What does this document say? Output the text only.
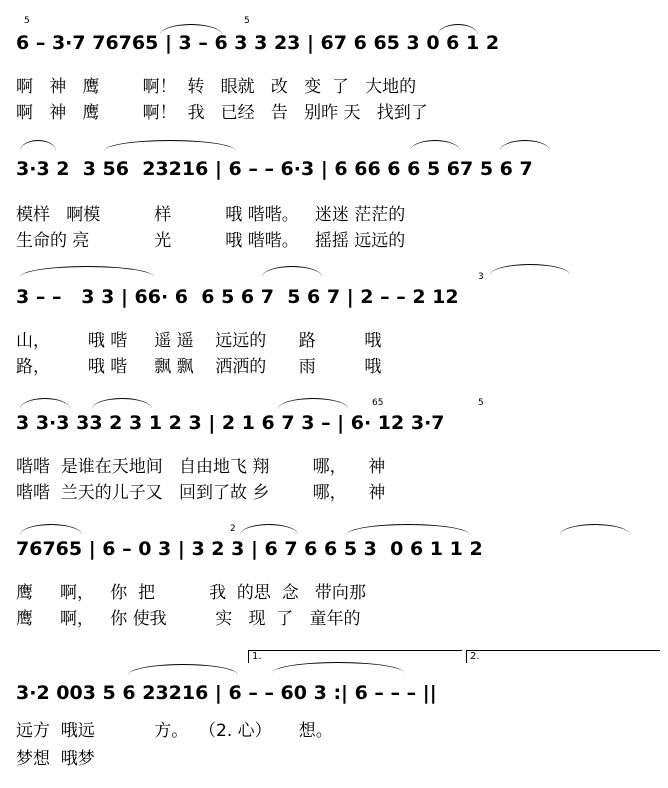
5	5
6 – 3·7 76765 | 3 – 6 3 3 23 | 67 6 65 3 0 6 1 2
啊   神   鹰        啊！  转   眼就   改   变  了   大地的
啊   神   鹰        啊！  我   已经   告   别昨 天   找到了
3·3 2  3 56  23216 | 6 – – 6·3 | 6 66 6 6 5 67 5 6 7
模样   啊模          样          哦 喈喈。   迷迷 茫茫的
生命的 亮            光          哦 喈喈。   摇摇 远远的
3
3 – –   3 3 | 66· 6  6 5 6 7  5 6 7 | 2 – – 2 12
山，       哦 喈     遥 遥    远远的      路         哦
路，       哦 喈     飘 飘    洒洒的      雨         哦
65	5
3 3·3 33 2 3 1 2 3 | 2 1 6 7 3 – | 6· 12 3·7
喈喈  是谁在天地间   自由地飞 翔        哪，    神
喈喈  兰天的儿子又   回到了故 乡        哪，    神
2
76765 | 6 – 0 3 | 3 2 3 | 6 7 6 6 5 3  0 6 1 1 2
鹰     啊，   你  把          我  的思  念   带向那
鹰     啊，   你 使我         实   现  了   童年的
1.	2.
3·2 003 5 6 23216 | 6 – – 60 3 :| 6 – – – ||
远方  哦远           方。  （2. 心）     想。
梦想  哦梦
